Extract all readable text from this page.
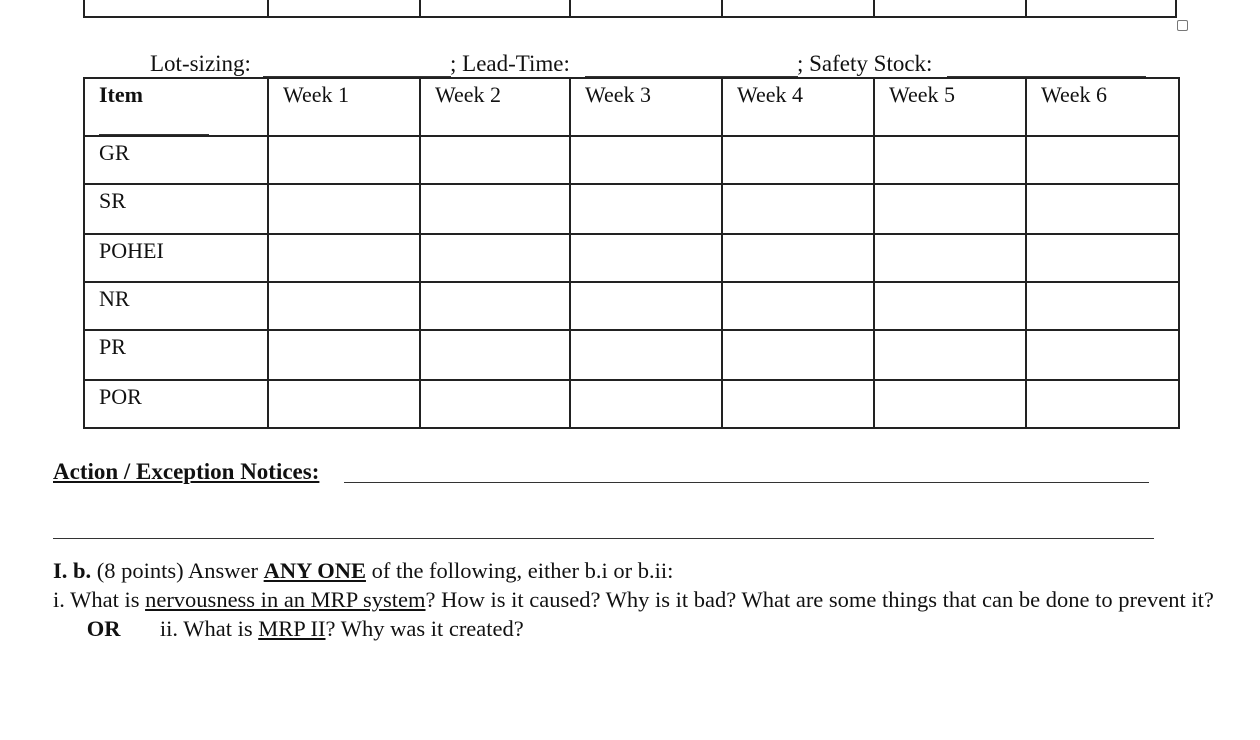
Lot-sizing:	; Lead-Time:	; Safety Stock:
Item	Week 1	Week 2	Week 3	Week 4	Week 5	Week 6
GR						
SR						
POHEI						
NR						
PR						
POR						
Action / Exception Notices:
I. b. (8 points) Answer ANY ONE of the following, either b.i or b.ii:
i. What is nervousness in an MRP system? How is it caused? Why is it bad? What are some things that can be done to prevent it?       OR ii. What is MRP II? Why was it created?
